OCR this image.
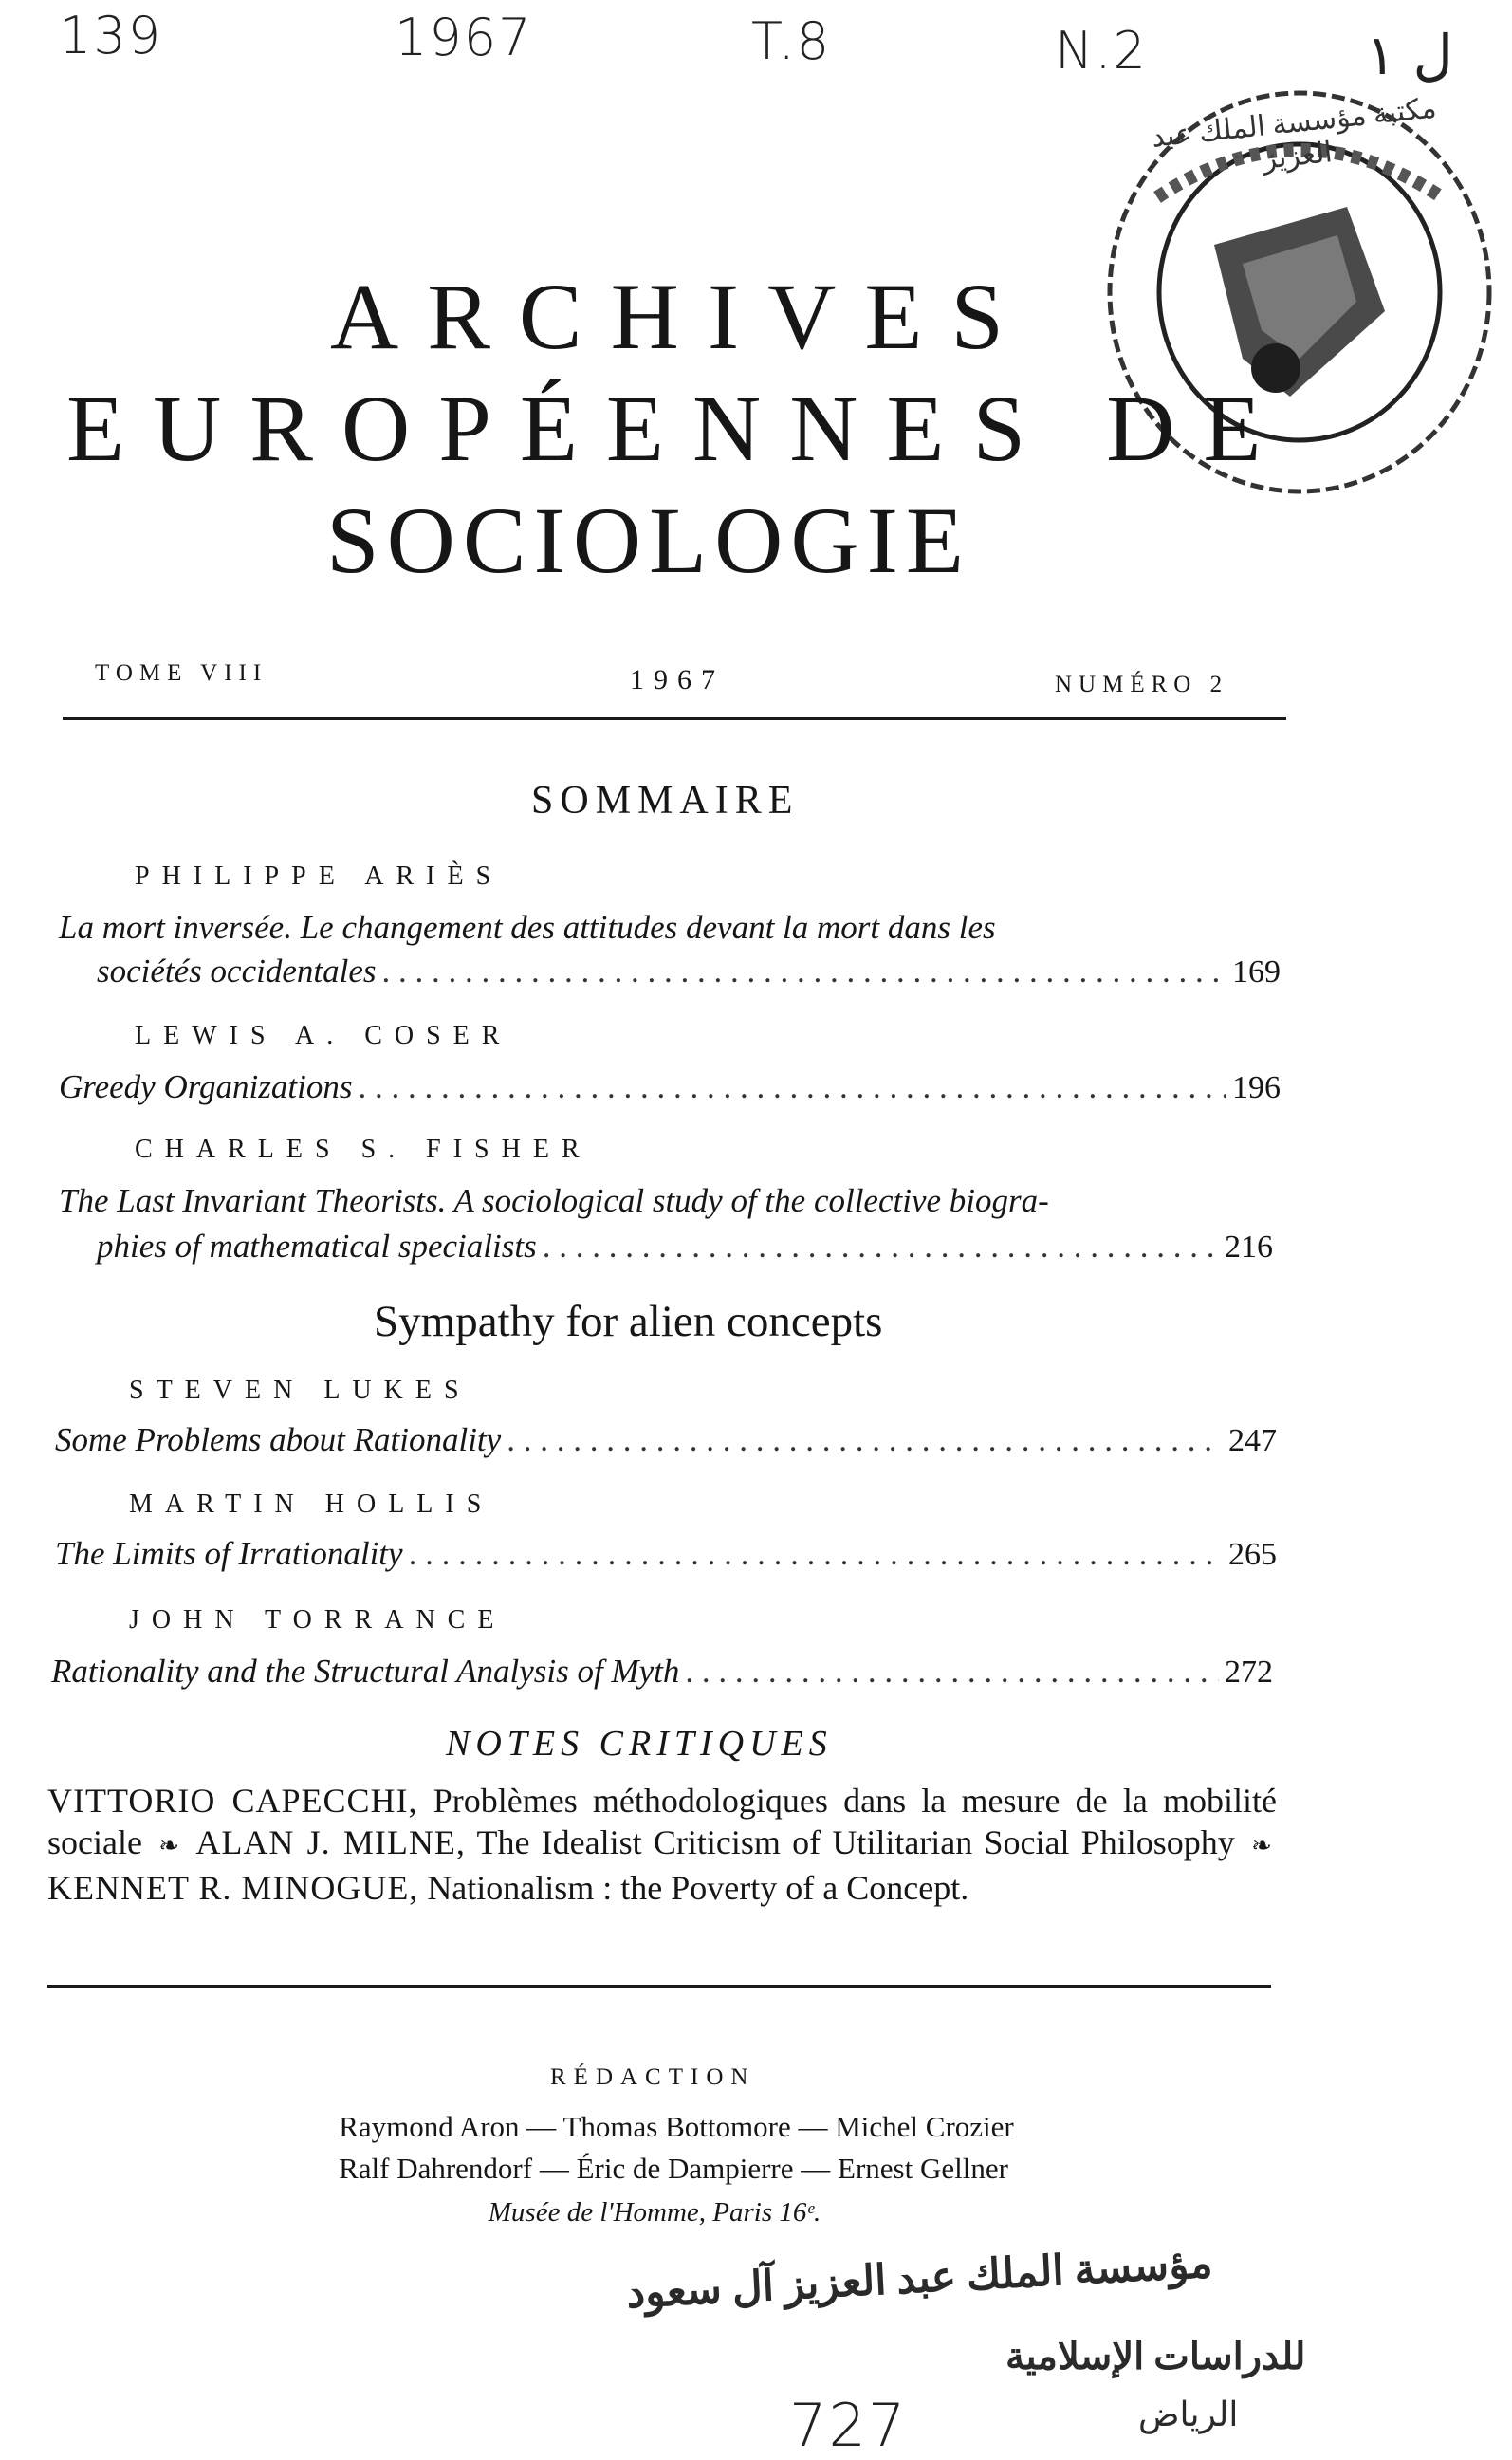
139	1967	T.8	N.2	ل ١
مكتبة مؤسسة الملك عبد العزيز
ARCHIVES
EUROPÉENNES DE
SOCIOLOGIE
TOME VIII	1967	NUMÉRO 2
SOMMAIRE
PHILIPPE ARIÈS
La mort inversée. Le changement des attitudes devant la mort dans les
sociétés occidentales . . .	169
LEWIS A. COSER
Greedy Organizations . . .	196
CHARLES S. FISHER
The Last Invariant Theorists. A sociological study of the collective biogra-
phies of mathematical specialists . . .	216
Sympathy for alien concepts
STEVEN LUKES
Some Problems about Rationality . . .	247
MARTIN HOLLIS
The Limits of Irrationality . . .	265
JOHN TORRANCE
Rationality and the Structural Analysis of Myth . . .	272
NOTES CRITIQUES
VITTORIO CAPECCHI, Problèmes méthodologiques dans la mesure de la mobilité sociale ❧ ALAN J. MILNE, The Idealist Criticism of Utilitarian Social Philosophy ❧ KENNET R. MINOGUE, Nationalism : the Poverty of a Concept.
RÉDACTION
Raymond Aron — Thomas Bottomore — Michel Crozier
Ralf Dahrendorf — Éric de Dampierre — Ernest Gellner
Musée de l'Homme, Paris 16ᵉ.
مؤسسة الملك عبد العزيز آل سعود
للدراسات الإسلامية
الرياض
727
